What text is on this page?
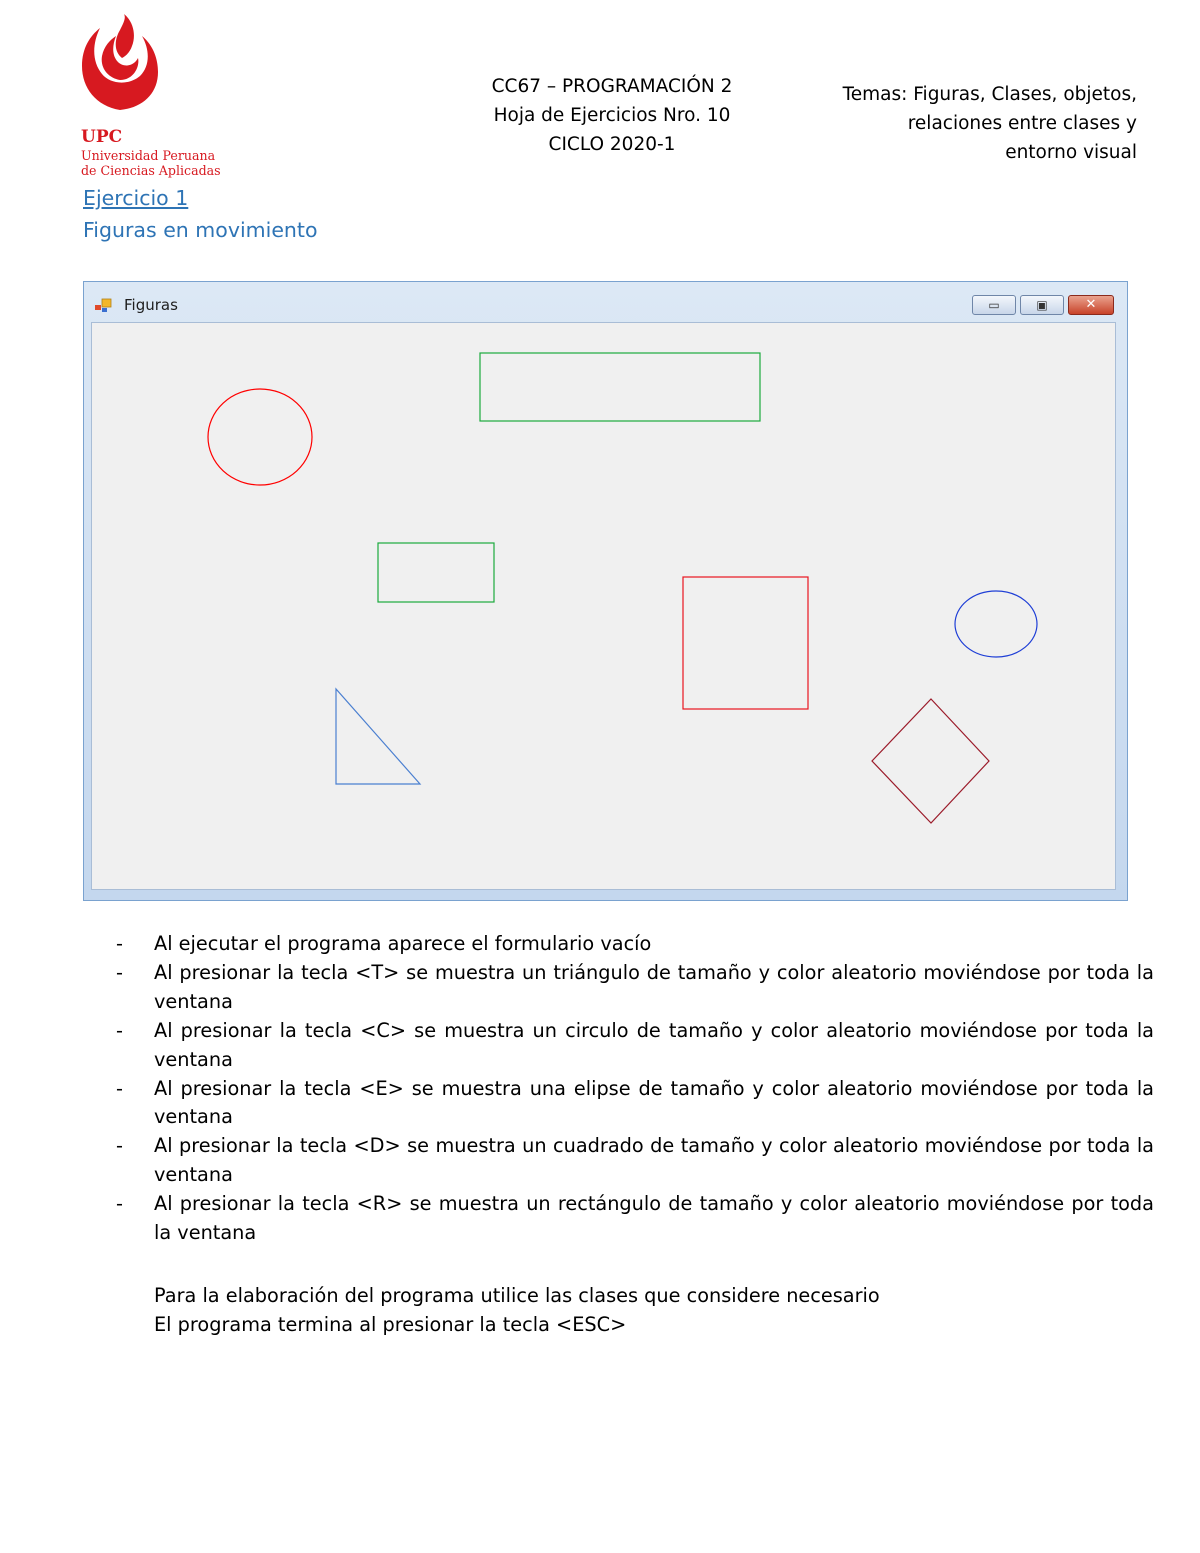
UPC
Universidad Peruana
de Ciencias Aplicadas
CC67 – PROGRAMACIÓN 2
Hoja de Ejercicios Nro. 10
CICLO 2020-1
Temas: Figuras, Clases, objetos,
relaciones entre clases y
entorno visual
Ejercicio 1
Figuras en movimiento
Figuras	▭	▣	✕
- Al ejecutar el programa aparece el formulario vacío
- Al presionar la tecla <T> se muestra un triángulo de tamaño y color aleatorio moviéndose por toda la ventana
- Al presionar la tecla <C> se muestra un circulo de tamaño y color aleatorio moviéndose por toda la ventana
- Al presionar la tecla <E> se muestra una elipse de tamaño y color aleatorio moviéndose por toda la ventana
- Al presionar la tecla <D> se muestra un cuadrado de tamaño y color aleatorio moviéndose por toda la ventana
- Al presionar la tecla <R> se muestra un rectángulo de tamaño y color aleatorio moviéndose por toda la ventana
Para la elaboración del programa utilice las clases que considere necesario
El programa termina al presionar la tecla <ESC>
